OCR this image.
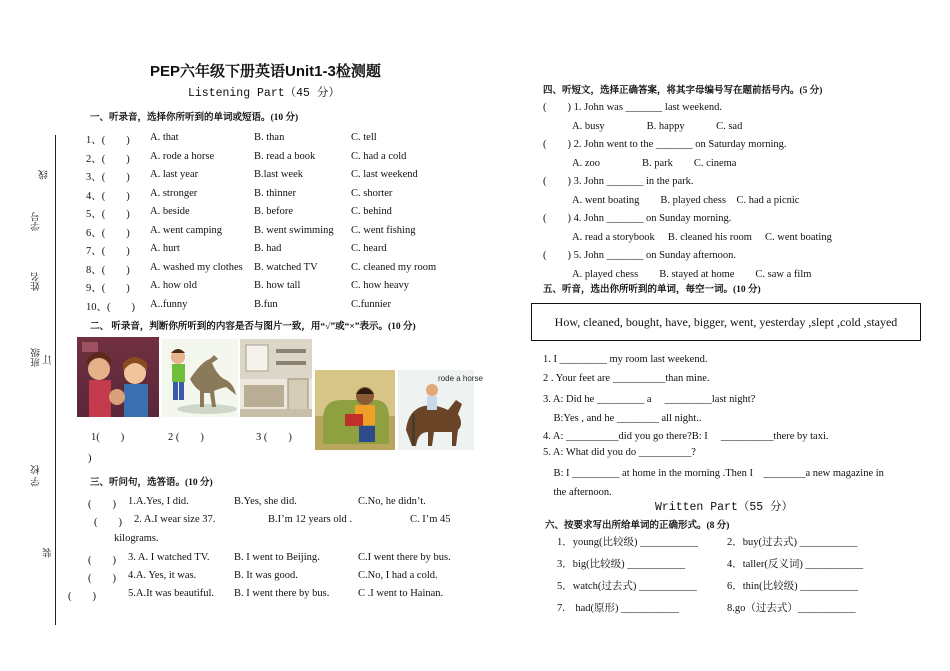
线
学号
姓名
班级 订
学 校
装
PEP六年级下册英语Unit1-3检测题
Listening Part（45 分）
一、听录音，选择你所听到的单词或短语。(10 分)
1、(　　) A. that	B. than	C. tell
2、(　　) A. rode a horse	B. read a book	C. had a cold
3、(　　) A. last year	B.last week	C. last weekend
4、(　　) A. stronger	B. thinner	C. shorter
5、(　　) A. beside	B. before	C. behind
6、(　　) A. went camping	B. went swimming C. went fishing
7、(　　) A. hurt	B. had	C. heard
8、(　　) A. washed my clothes B. watched TV	C. cleaned my room
9、(　　) A. how old	B. how tall	C. how heavy
10、(　　) A..funny	B.fun	C.funnier
二、 听录音，判断你所听到的内容是否与图片一致，用“√”或“×”表示。(10 分)
rode a horse
1(　　)	2 (　　)	3 (　　)
)
三、听问句，选答语。(10 分)
(　　) 1.A.Yes, I did.	B.Yes, she did.	C.No, he didn’t.
(　　) 2. A.I wear size 37.	B.I’m 12 years old .	C. I’m 45
kilograms.
(　　) 3. A. I watched TV. B. I went to Beijing.	C.I went there by bus.
(　　) 4.A. Yes, it was.	B. It was good.	C.No, I had a cold.
(　　)	5.A.It was beautiful. B. I went there by bus.	C .I went to Hainan.
四、听短文，选择正确答案，将其字母编号写在题前括号内。(5 分)
(　　) 1. John was _______ last weekend.
A. busy　　　　B. happy　　　C. sad
(　　) 2. John went to the _______ on Saturday morning.
A. zoo　　　　B. park　　C. cinema
(　　) 3. John _______ in the park.
A. went boating　　B. played chess　C. had a picnic
(　　) 4. John _______ on Sunday morning.
A. read a storybook　 B. cleaned his room　 C. went boating
(　　) 5. John _______ on Sunday afternoon.
A. played chess　　B. stayed at home　　C. saw a film
五、听音，选出你所听到的单词，每空一词。(10 分)
How, cleaned, bought, have, bigger, went, yesterday ,slept ,cold ,stayed
1. I _________ my room last weekend.
2 . Your feet are __________than mine.
3. A: Did he _________ a　 _________last night?
　B:Yes , and he ________ all night..
4. A: __________did you go there?B: I　 __________there by taxi.
5. A: What did you do __________?
　B: I _________ at home in the morning .Then I　________a new magazine in
　the afternoon.
Written Part（55 分）
六、按要求写出所给单词的正确形式。(8 分)
1．young(比较级) ___________	2．buy(过去式) ___________
3．big(比较级) ___________	4．taller(反义词) ___________
5．watch(过去式) ___________	6．thin(比较级) ___________
7.　had(原形) ___________	8.go（过去式）___________
